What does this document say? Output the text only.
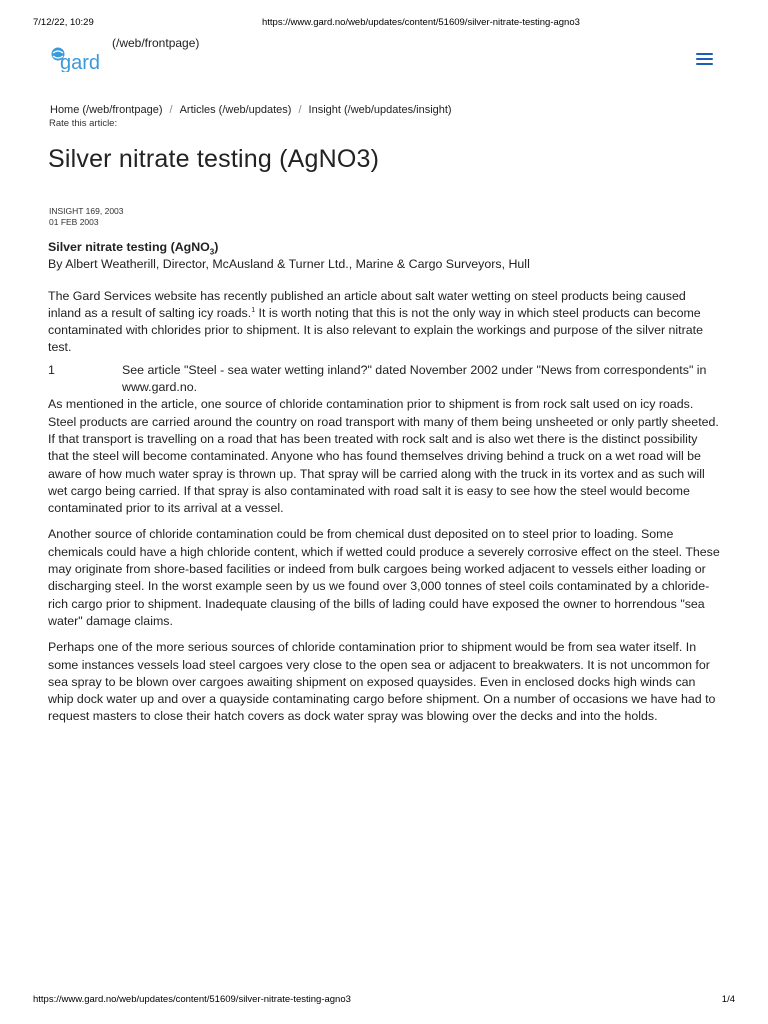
7/12/22, 10:29	https://www.gard.no/web/updates/content/51609/silver-nitrate-testing-agno3
gard
(/web/frontpage)
Home (/web/frontpage) / Articles (/web/updates) / Insight (/web/updates/insight)
Rate this article:
Silver nitrate testing (AgNO3)
INSIGHT 169, 2003
01 FEB 2003

Silver nitrate testing (AgNO$_3$)

By Albert Weatherill, Director, McAusland & Turner Ltd., Marine & Cargo Surveyors, Hull

The Gard Services website has recently published an article about salt water wetting on steel products being caused inland as a result of salting icy roads.$^1$ It is worth noting that this is not the only way in which steel products can become contaminated with chlorides prior to shipment. It is also relevant to explain the workings and purpose of the silver nitrate test.

1	See article "Steel - sea water wetting inland?" dated November 2002 under "News from correspondents" in www.gard.no.

As mentioned in the article, one source of chloride contamination prior to shipment is from rock salt used on icy roads. Steel products are carried around the country on road transport with many of them being unsheeted or only partly sheeted. If that transport is travelling on a road that has been treated with rock salt and is also wet there is the distinct possibility that the steel will become contaminated. Anyone who has found themselves driving behind a truck on a wet road will be aware of how much water spray is thrown up. That spray will be carried along with the truck in its vortex and as such will wet cargo being carried. If that spray is also contaminated with road salt it is easy to see how the steel would become contaminated prior to its arrival at a vessel.

Another source of chloride contamination could be from chemical dust deposited on to steel prior to loading. Some chemicals could have a high chloride content, which if wetted could produce a severely corrosive effect on the steel. These may originate from shore-based facilities or indeed from bulk cargoes being worked adjacent to vessels either loading or discharging steel. In the worst example seen by us we found over 3,000 tonnes of steel coils contaminated by a chloride-rich cargo prior to shipment. Inadequate clausing of the bills of lading could have exposed the owner to horrendous "sea water" damage claims.

Perhaps one of the more serious sources of chloride contamination prior to shipment would be from sea water itself. In some instances vessels load steel cargoes very close to the open sea or adjacent to breakwaters. It is not uncommon for sea spray to be blown over cargoes awaiting shipment on exposed quaysides. Even in enclosed docks high winds can whip dock water up and over a quayside contaminating cargo before shipment. On a number of occasions we have had to request masters to close their hatch covers as dock water spray was blowing over the decks and into the holds.

https://www.gard.no/web/updates/content/51609/silver-nitrate-testing-agno3	1/4
